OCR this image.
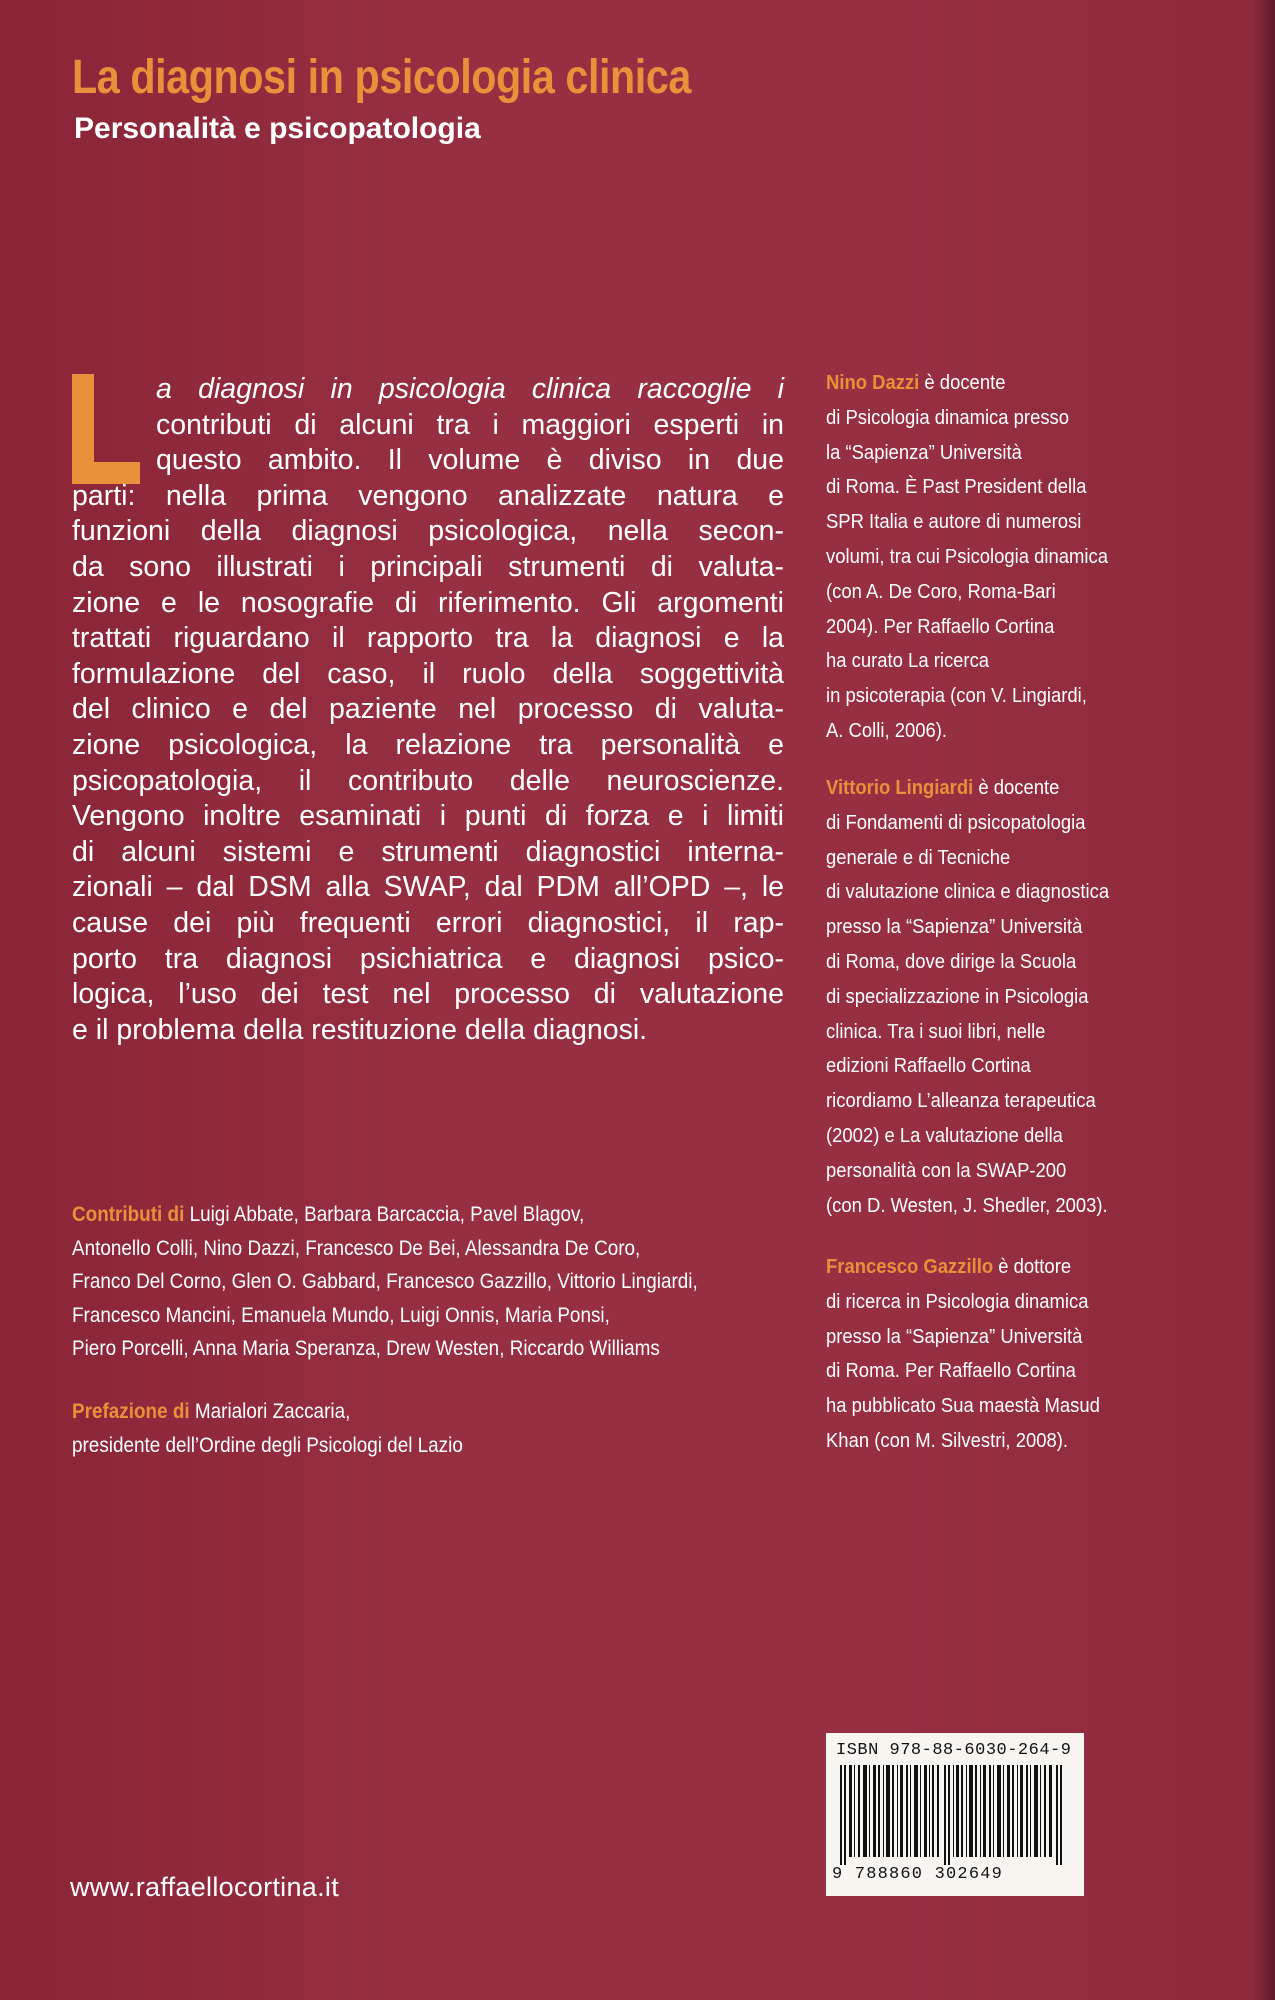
La diagnosi in psicologia clinica
Personalità e psicopatologia
a diagnosi in psicologia clinica raccoglie i
contributi di alcuni tra i maggiori esperti in
questo ambito. Il volume è diviso in due
parti: nella prima vengono analizzate natura e
funzioni della diagnosi psicologica, nella secon-
da sono illustrati i principali strumenti di valuta-
zione e le nosografie di riferimento. Gli argomenti
trattati riguardano il rapporto tra la diagnosi e la
formulazione del caso, il ruolo della soggettività
del clinico e del paziente nel processo di valuta-
zione psicologica, la relazione tra personalità e
psicopatologia, il contributo delle neuroscienze.
Vengono inoltre esaminati i punti di forza e i limiti
di alcuni sistemi e strumenti diagnostici interna-
zionali – dal DSM alla SWAP, dal PDM all’OPD –, le
cause dei più frequenti errori diagnostici, il rap-
porto tra diagnosi psichiatrica e diagnosi psico-
logica, l’uso dei test nel processo di valutazione
e il problema della restituzione della diagnosi.
Contributi di Luigi Abbate, Barbara Barcaccia, Pavel Blagov,
Antonello Colli, Nino Dazzi, Francesco De Bei, Alessandra De Coro,
Franco Del Corno, Glen O. Gabbard, Francesco Gazzillo, Vittorio Lingiardi,
Francesco Mancini, Emanuela Mundo, Luigi Onnis, Maria Ponsi,
Piero Porcelli, Anna Maria Speranza, Drew Westen, Riccardo Williams
Prefazione di Marialori Zaccaria,
presidente dell’Ordine degli Psicologi del Lazio
Nino Dazzi è docente
di Psicologia dinamica presso
la “Sapienza” Università
di Roma. È Past President della
SPR Italia e autore di numerosi
volumi, tra cui Psicologia dinamica
(con A. De Coro, Roma-Bari
2004). Per Raffaello Cortina
ha curato La ricerca
in psicoterapia (con V. Lingiardi,
A. Colli, 2006).
Vittorio Lingiardi è docente
di Fondamenti di psicopatologia
generale e di Tecniche
di valutazione clinica e diagnostica
presso la “Sapienza” Università
di Roma, dove dirige la Scuola
di specializzazione in Psicologia
clinica. Tra i suoi libri, nelle
edizioni Raffaello Cortina
ricordiamo L’alleanza terapeutica
(2002) e La valutazione della
personalità con la SWAP-200
(con D. Westen, J. Shedler, 2003).
Francesco Gazzillo è dottore
di ricerca in Psicologia dinamica
presso la “Sapienza” Università
di Roma. Per Raffaello Cortina
ha pubblicato Sua maestà Masud
Khan (con M. Silvestri, 2008).
ISBN 978-88-6030-264-9
9 788860 302649
www.raffaellocortina.it
